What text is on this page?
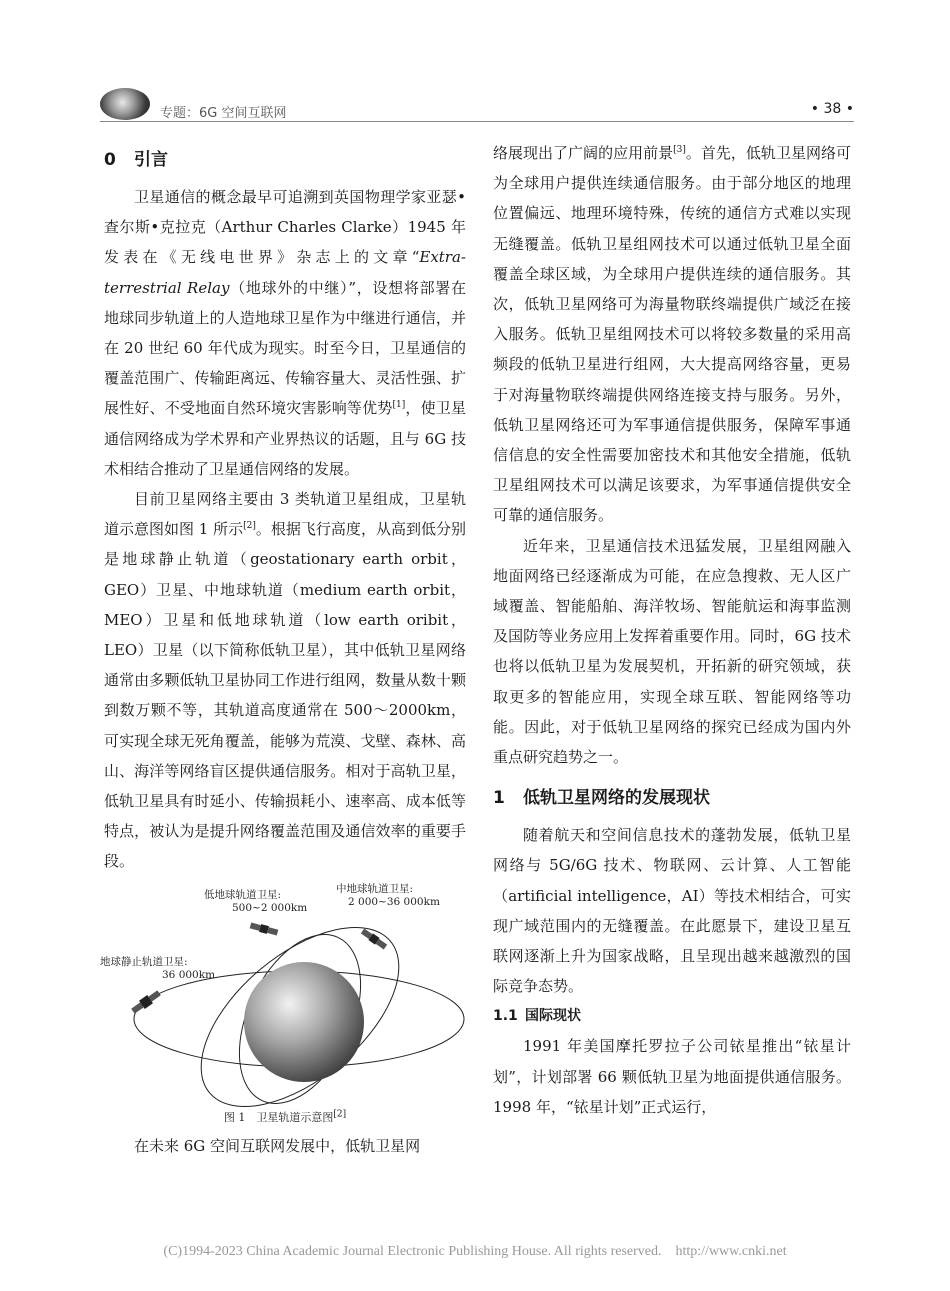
专题：6G 空间互联网	• 38 •
0 引言

卫星通信的概念最早可追溯到英国物理学家亚瑟•查尔斯•克拉克（Arthur Charles Clarke）1945 年发表在《无线电世界》杂志上的文章“Extra-terrestrial Relay（地球外的中继）”，设想将部署在地球同步轨道上的人造地球卫星作为中继进行通信，并在 20 世纪 60 年代成为现实。时至今日，卫星通信的覆盖范围广、传输距离远、传输容量大、灵活性强、扩展性好、不受地面自然环境灾害影响等优势[1]，使卫星通信网络成为学术界和产业界热议的话题，且与 6G 技术相结合推动了卫星通信网络的发展。

目前卫星网络主要由 3 类轨道卫星组成，卫星轨道示意图如图 1 所示[2]。根据飞行高度，从高到低分别是地球静止轨道（geostationary earth orbit，GEO）卫星、中地球轨道（medium earth orbit，MEO）卫星和低地球轨道（low earth oribit，LEO）卫星（以下简称低轨卫星），其中低轨卫星网络通常由多颗低轨卫星协同工作进行组网，数量从数十颗到数万颗不等，其轨道高度通常在 500～2000km，可实现全球无死角覆盖，能够为荒漠、戈壁、森林、高山、海洋等网络盲区提供通信服务。相对于高轨卫星，低轨卫星具有时延小、传输损耗小、速率高、成本低等特点，被认为是提升网络覆盖范围及通信效率的重要手段。

低地球轨道卫星:
500~2 000km
中地球轨道卫星:
2 000~36 000km
地球静止轨道卫星:
36 000km
图 1　卫星轨道示意图[2]

在未来 6G 空间互联网发展中，低轨卫星网

络展现出了广阔的应用前景[3]。首先，低轨卫星网络可为全球用户提供连续通信服务。由于部分地区的地理位置偏远、地理环境特殊，传统的通信方式难以实现无缝覆盖。低轨卫星组网技术可以通过低轨卫星全面覆盖全球区域，为全球用户提供连续的通信服务。其次，低轨卫星网络可为海量物联终端提供广域泛在接入服务。低轨卫星组网技术可以将较多数量的采用高频段的低轨卫星进行组网，大大提高网络容量，更易于对海量物联终端提供网络连接支持与服务。另外，低轨卫星网络还可为军事通信提供服务，保障军事通信信息的安全性需要加密技术和其他安全措施，低轨卫星组网技术可以满足该要求，为军事通信提供安全可靠的通信服务。

近年来，卫星通信技术迅猛发展，卫星组网融入地面网络已经逐渐成为可能，在应急搜救、无人区广域覆盖、智能船舶、海洋牧场、智能航运和海事监测及国防等业务应用上发挥着重要作用。同时，6G 技术也将以低轨卫星为发展契机，开拓新的研究领域，获取更多的智能应用，实现全球互联、智能网络等功能。因此，对于低轨卫星网络的探究已经成为国内外重点研究趋势之一。

1 低轨卫星网络的发展现状

随着航天和空间信息技术的蓬勃发展，低轨卫星网络与 5G/6G 技术、物联网、云计算、人工智能（artificial intelligence，AI）等技术相结合，可实现广域范围内的无缝覆盖。在此愿景下，建设卫星互联网逐渐上升为国家战略，且呈现出越来越激烈的国际竞争态势。

1.1 国际现状

1991 年美国摩托罗拉子公司铱星推出“铱星计划”，计划部署 66 颗低轨卫星为地面提供通信服务。1998 年，“铱星计划”正式运行，

(C)1994-2023 China Academic Journal Electronic Publishing House. All rights reserved. http://www.cnki.net
